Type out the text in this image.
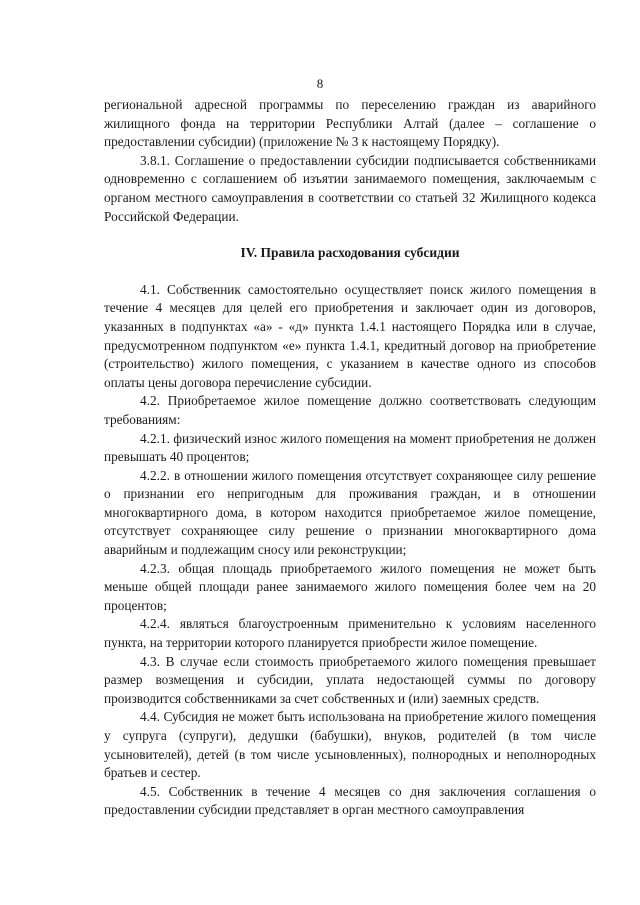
8

региональной адресной программы по переселению граждан из аварийного жилищного фонда на территории Республики Алтай (далее – соглашение о предоставлении субсидии) (приложение № 3 к настоящему Порядку).

3.8.1. Соглашение о предоставлении субсидии подписывается собственниками одновременно с соглашением об изъятии занимаемого помещения, заключаемым с органом местного самоуправления в соответствии со статьей 32 Жилищного кодекса Российской Федерации.

IV. Правила расходования субсидии

4.1. Собственник самостоятельно осуществляет поиск жилого помещения в течение 4 месяцев для целей его приобретения и заключает один из договоров, указанных в подпунктах «а» - «д» пункта 1.4.1 настоящего Порядка или в случае, предусмотренном подпунктом «е» пункта 1.4.1, кредитный договор на приобретение (строительство) жилого помещения, с указанием в качестве одного из способов оплаты цены договора перечисление субсидии.

4.2. Приобретаемое жилое помещение должно соответствовать следующим требованиям:

4.2.1. физический износ жилого помещения на момент приобретения не должен превышать 40 процентов;

4.2.2. в отношении жилого помещения отсутствует сохраняющее силу решение о признании его непригодным для проживания граждан, и в отношении многоквартирного дома, в котором находится приобретаемое жилое помещение, отсутствует сохраняющее силу решение о признании многоквартирного дома аварийным и подлежащим сносу или реконструкции;

4.2.3. общая площадь приобретаемого жилого помещения не может быть меньше общей площади ранее занимаемого жилого помещения более чем на 20 процентов;

4.2.4. являться благоустроенным применительно к условиям населенного пункта, на территории которого планируется приобрести жилое помещение.

4.3. В случае если стоимость приобретаемого жилого помещения превышает размер возмещения и субсидии, уплата недостающей суммы по договору производится собственниками за счет собственных и (или) заемных средств.

4.4. Субсидия не может быть использована на приобретение жилого помещения у супруга (супруги), дедушки (бабушки), внуков, родителей (в том числе усыновителей), детей (в том числе усыновленных), полнородных и неполнородных братьев и сестер.

4.5. Собственник в течение 4 месяцев со дня заключения соглашения о предоставлении субсидии представляет в орган местного самоуправления
